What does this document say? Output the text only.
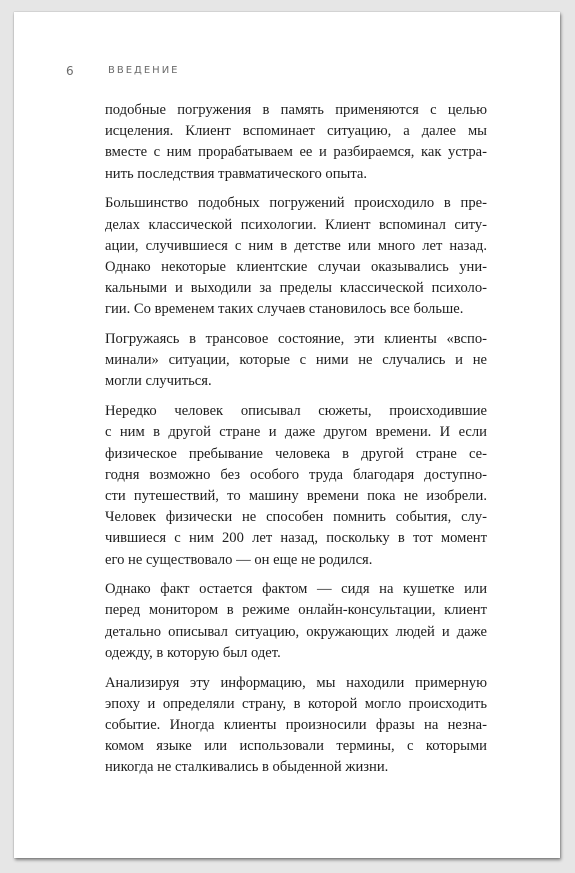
6	ВВЕДЕНИЕ

подобные погружения в память применяются с целью
исцеления. Клиент вспоминает ситуацию, а далее мы
вместе с ним прорабатываем ее и разбираемся, как устра-
нить последствия травматического опыта.

Большинство подобных погружений происходило в пре-
делах классической психологии. Клиент вспоминал ситу-
ации, случившиеся с ним в детстве или много лет назад.
Однако некоторые клиентские случаи оказывались уни-
кальными и выходили за пределы классической психоло-
гии. Со временем таких случаев становилось все больше.

Погружаясь в трансовое состояние, эти клиенты «вспо-
минали» ситуации, которые с ними не случались и не
могли случиться.

Нередко человек описывал сюжеты, происходившие
с ним в другой стране и даже другом времени. И если
физическое пребывание человека в другой стране се-
годня возможно без особого труда благодаря доступно-
сти путешествий, то машину времени пока не изобрели.
Человек физически не способен помнить события, слу-
чившиеся с ним 200 лет назад, поскольку в тот момент
его не существовало — он еще не родился.

Однако факт остается фактом — сидя на кушетке или
перед монитором в режиме онлайн-консультации, клиент
детально описывал ситуацию, окружающих людей и даже
одежду, в которую был одет.

Анализируя эту информацию, мы находили примерную
эпоху и определяли страну, в которой могло происходить
событие. Иногда клиенты произносили фразы на незна-
комом языке или использовали термины, с которыми
никогда не сталкивались в обыденной жизни.
